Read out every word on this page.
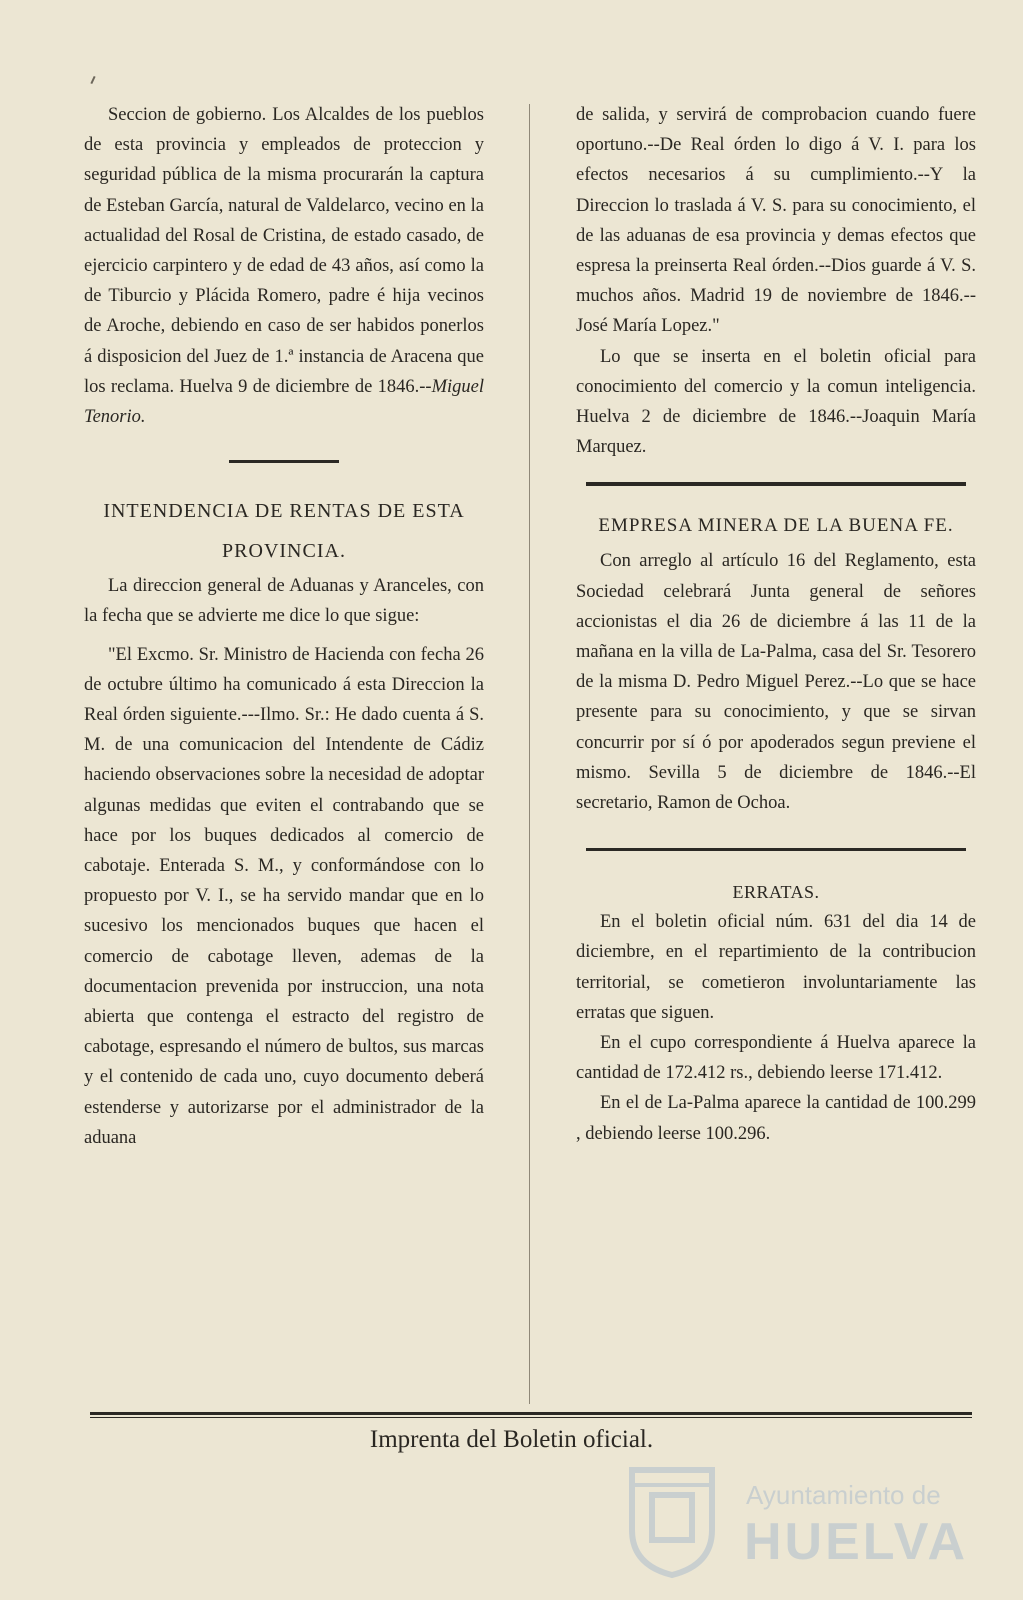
Seccion de gobierno. Los Alcaldes de los pueblos de esta provincia y empleados de proteccion y seguridad pública de la misma procurarán la captura de Esteban García, natural de Valdelarco, vecino en la actualidad del Rosal de Cristina, de estado casado, de ejercicio carpintero y de edad de 43 años, así como la de Tiburcio y Plácida Romero, padre é hija vecinos de Aroche, debiendo en caso de ser habidos ponerlos á disposicion del Juez de 1.ª instancia de Aracena que los reclama. Huelva 9 de diciembre de 1846.--Miguel Tenorio.

INTENDENCIA DE RENTAS DE ESTA PROVINCIA.

La direccion general de Aduanas y Aranceles, con la fecha que se advierte me dice lo que sigue:

"El Excmo. Sr. Ministro de Hacienda con fecha 26 de octubre último ha comunicado á esta Direccion la Real órden siguiente.---Ilmo. Sr.: He dado cuenta á S. M. de una comunicacion del Intendente de Cádiz haciendo observaciones sobre la necesidad de adoptar algunas medidas que eviten el contrabando que se hace por los buques dedicados al comercio de cabotaje. Enterada S. M., y conformándose con lo propuesto por V. I., se ha servido mandar que en lo sucesivo los mencionados buques que hacen el comercio de cabotage lleven, ademas de la documentacion prevenida por instruccion, una nota abierta que contenga el estracto del registro de cabotage, espresando el número de bultos, sus marcas y el contenido de cada uno, cuyo documento deberá estenderse y autorizarse por el administrador de la aduana

de salida, y servirá de comprobacion cuando fuere oportuno.--De Real órden lo digo á V. I. para los efectos necesarios á su cumplimiento.--Y la Direccion lo traslada á V. S. para su conocimiento, el de las aduanas de esa provincia y demas efectos que espresa la preinserta Real órden.--Dios guarde á V. S. muchos años. Madrid 19 de noviembre de 1846.--José María Lopez."

Lo que se inserta en el boletin oficial para conocimiento del comercio y la comun inteligencia. Huelva 2 de diciembre de 1846.--Joaquin María Marquez.

EMPRESA MINERA DE LA BUENA FE.

Con arreglo al artículo 16 del Reglamento, esta Sociedad celebrará Junta general de señores accionistas el dia 26 de diciembre á las 11 de la mañana en la villa de La-Palma, casa del Sr. Tesorero de la misma D. Pedro Miguel Perez.--Lo que se hace presente para su conocimiento, y que se sirvan concurrir por sí ó por apoderados segun previene el mismo. Sevilla 5 de diciembre de 1846.--El secretario, Ramon de Ochoa.

ERRATAS.

En el boletin oficial núm. 631 del dia 14 de diciembre, en el repartimiento de la contribucion territorial, se cometieron involuntariamente las erratas que siguen.

En el cupo correspondiente á Huelva aparece la cantidad de 172.412 rs., debiendo leerse 171.412.

En el de La-Palma aparece la cantidad de 100.299 , debiendo leerse 100.296.

Imprenta del Boletin oficial.
Ayuntamiento de
HUELVA
